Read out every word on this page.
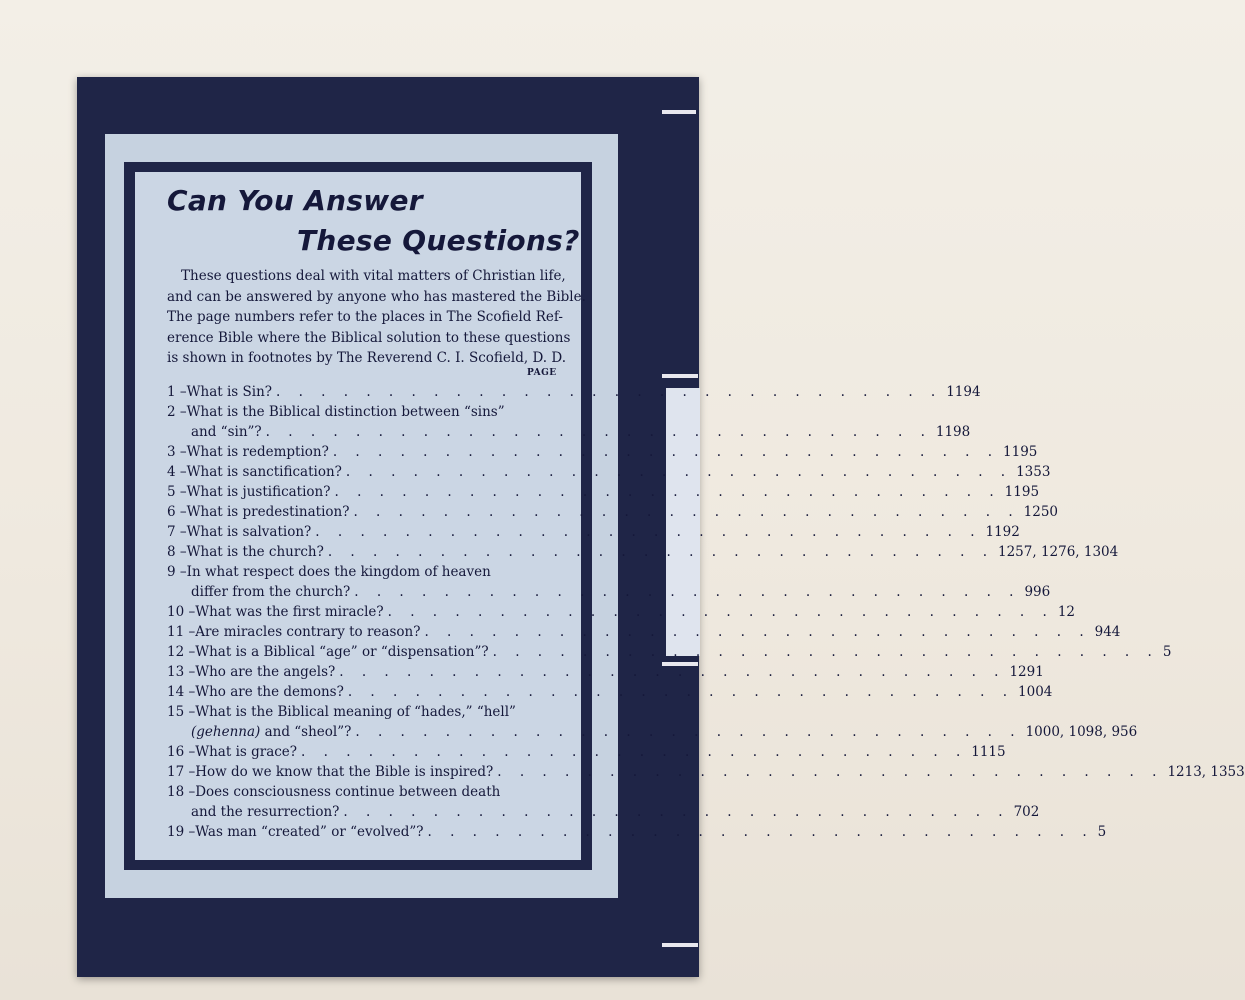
Can You Answer
These Questions?
These questions deal with vital matters of Christian life,
and can be answered by anyone who has mastered the Bible.
The page numbers refer to the places in The Scofield Ref-
erence Bible where the Biblical solution to these questions
is shown in footnotes by The Reverend C. I. Scofield, D. D.
PAGE
1 – What is Sin? . . . . . . . . . . . . . . . . . . . . . . . . . . . . . . 1194
2 – What is the Biblical distinction between “sins”
and “sin”? . . . . . . . . . . . . . . . . . . . . . . . . . . . . . . 1198
3 – What is redemption? . . . . . . . . . . . . . . . . . . . . . . . . . . . . . . 1195
4 – What is sanctification? . . . . . . . . . . . . . . . . . . . . . . . . . . . . . . 1353
5 – What is justification? . . . . . . . . . . . . . . . . . . . . . . . . . . . . . . 1195
6 – What is predestination? . . . . . . . . . . . . . . . . . . . . . . . . . . . . . . 1250
7 – What is salvation? . . . . . . . . . . . . . . . . . . . . . . . . . . . . . . 1192
8 – What is the church? . . . . . . . . . . . . . . . . . . . . . . . . . . . . . . 1257, 1276, 1304
9 – In what respect does the kingdom of heaven
differ from the church? . . . . . . . . . . . . . . . . . . . . . . . . . . . . . . 996
10 – What was the first miracle? . . . . . . . . . . . . . . . . . . . . . . . . . . . . . . 12
11 – Are miracles contrary to reason? . . . . . . . . . . . . . . . . . . . . . . . . . . . . . . 944
12 – What is a Biblical “age” or “dispensation”? . . . . . . . . . . . . . . . . . . . . . . . . . . . . . . 5
13 – Who are the angels? . . . . . . . . . . . . . . . . . . . . . . . . . . . . . . 1291
14 – Who are the demons? . . . . . . . . . . . . . . . . . . . . . . . . . . . . . . 1004
15 – What is the Biblical meaning of “hades,” “hell”
(gehenna) and “sheol”? . . . . . . . . . . . . . . . . . . . . . . . . . . . . . . 1000, 1098, 956
16 – What is grace? . . . . . . . . . . . . . . . . . . . . . . . . . . . . . . 1115
17 – How do we know that the Bible is inspired? . . . . . . . . . . . . . . . . . . . . . . . . . . . . . . 1213, 1353
18 – Does consciousness continue between death
and the resurrection? . . . . . . . . . . . . . . . . . . . . . . . . . . . . . . 702
19 – Was man “created” or “evolved”? . . . . . . . . . . . . . . . . . . . . . . . . . . . . . . 5
